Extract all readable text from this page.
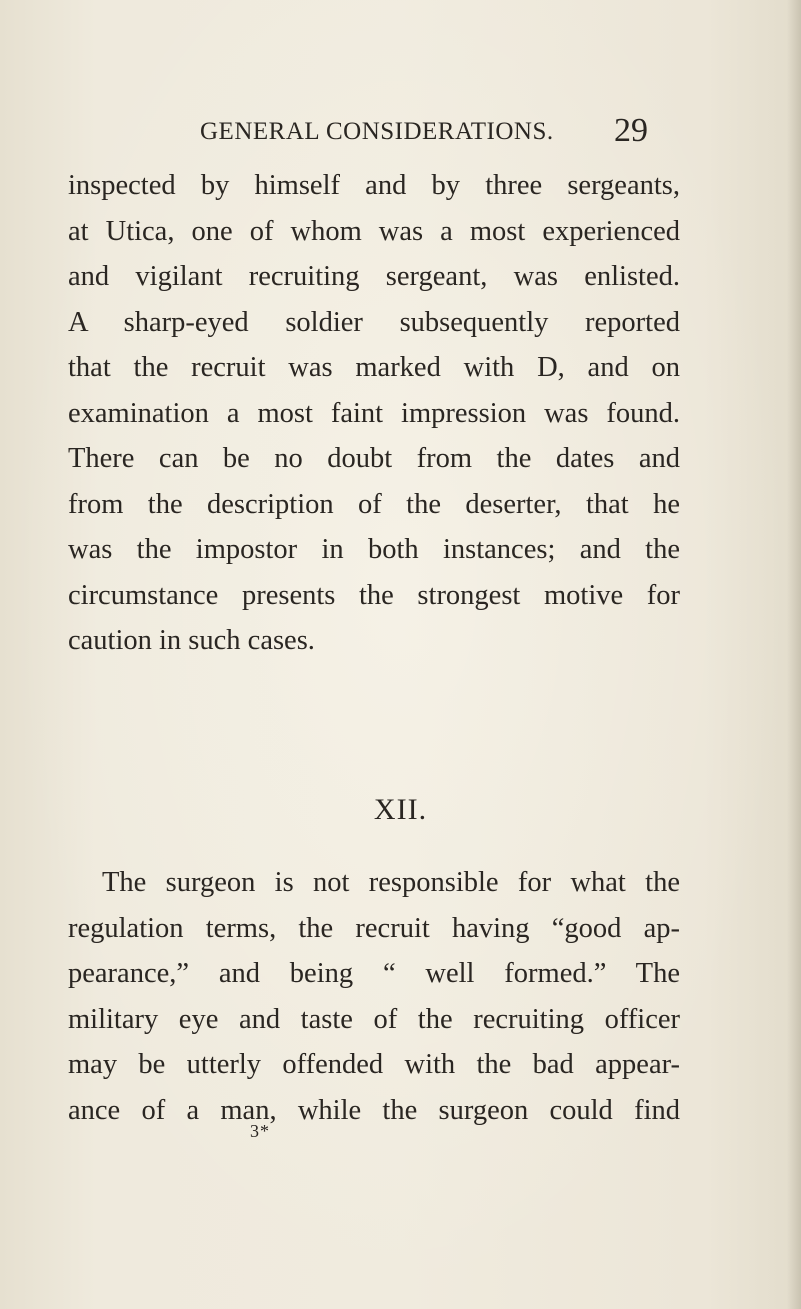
GENERAL CONSIDERATIONS. 29
inspected by himself and by three sergeants,
at Utica, one of whom was a most experienced
and vigilant recruiting sergeant, was enlisted.
A sharp-eyed soldier subsequently reported
that the recruit was marked with D, and on
examination a most faint impression was found.
There can be no doubt from the dates and
from the description of the deserter, that he
was the impostor in both instances; and the
circumstance presents the strongest motive for
caution in such cases.
XII.
The surgeon is not responsible for what the
regulation terms, the recruit having “good ap-
pearance,” and being “ well formed.” The
military eye and taste of the recruiting officer
may be utterly offended with the bad appear-
ance of a man, while the surgeon could find
3*
